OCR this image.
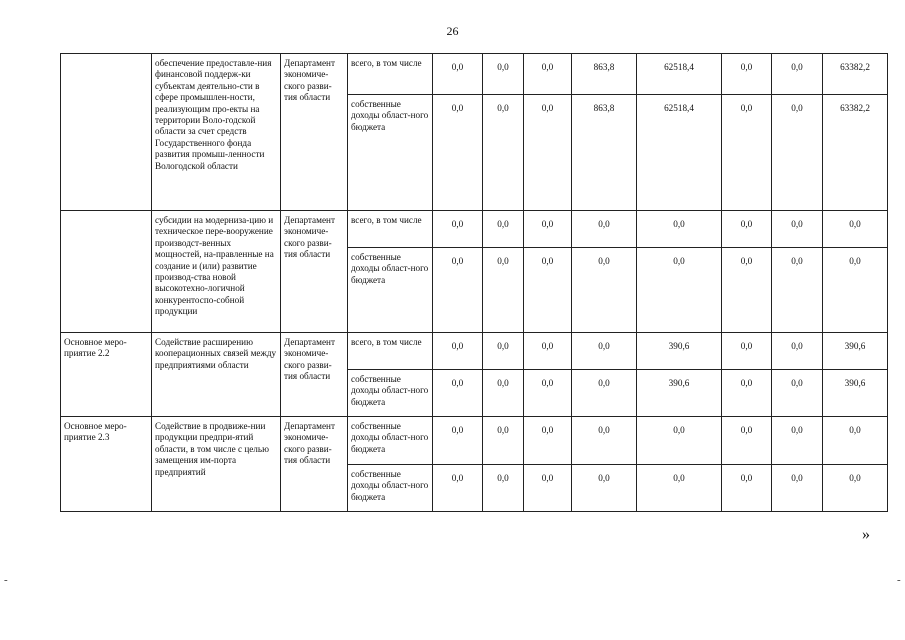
26
	обеспечение предоставле-ния финансовой поддерж-ки субъектам деятельно-сти в сфере промышлен-ности, реализующим про-екты на территории Воло-годской области за счет средств Государственного фонда развития промыш-ленности Вологодской области	Департамент экономиче-ского разви-тия области	всего, в том числе	0,0	0,0	0,0	863,8	62518,4	0,0	0,0	63382,2
			собственные доходы област-ного бюджета	0,0	0,0	0,0	863,8	62518,4	0,0	0,0	63382,2
	субсидии на модерниза-цию и техническое пере-вооружение производст-венных мощностей, на-правленные на создание и (или) развитие производ-ства новой высокотехно-логичной конкурентоспо-собной продукции	Департамент экономиче-ского разви-тия области	всего, в том числе	0,0	0,0	0,0	0,0	0,0	0,0	0,0	0,0
			собственные доходы област-ного бюджета	0,0	0,0	0,0	0,0	0,0	0,0	0,0	0,0
Основное меро-приятие 2.2	Содействие расширению кооперационных связей между предприятиями области	Департамент экономиче-ского разви-тия области	всего, в том числе	0,0	0,0	0,0	0,0	390,6	0,0	0,0	390,6
			собственные доходы област-ного бюджета	0,0	0,0	0,0	0,0	390,6	0,0	0,0	390,6
Основное меро-приятие 2.3	Содействие в продвиже-нии продукции предпри-ятий области, в том числе с целью замещения им-порта предприятий	Департамент экономиче-ского разви-тия области	собственные доходы област-ного бюджета	0,0	0,0	0,0	0,0	0,0	0,0	0,0	0,0
			собственные доходы област-ного бюджета	0,0	0,0	0,0	0,0	0,0	0,0	0,0	0,0
»
-	-
